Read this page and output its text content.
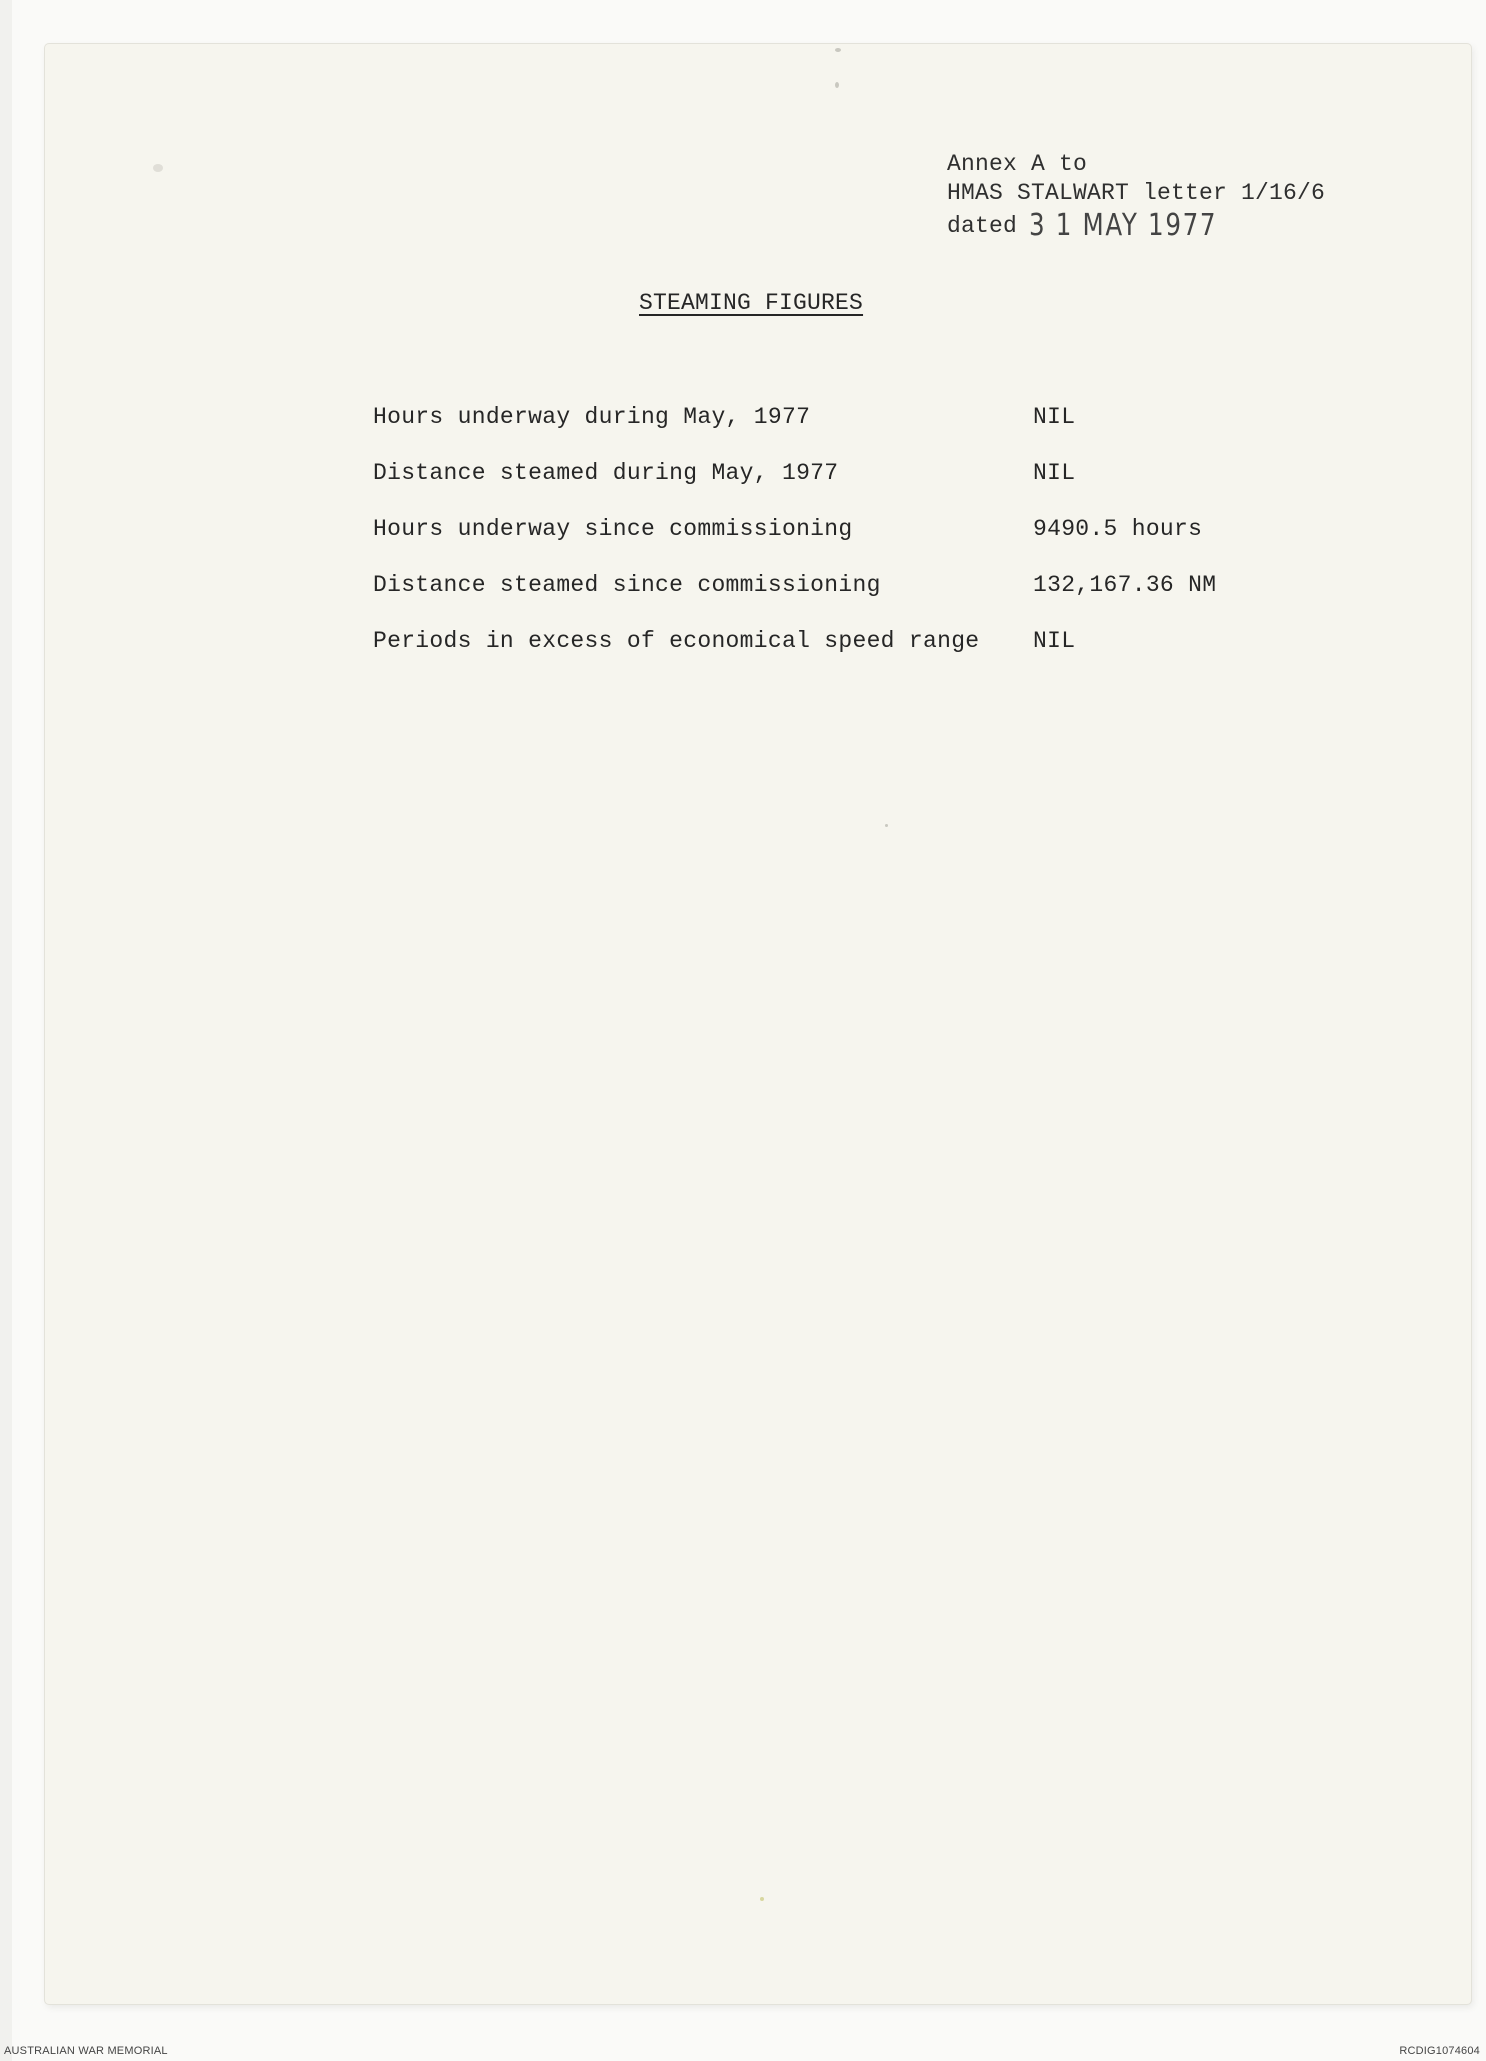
Annex A to
HMAS STALWART letter 1/16/6
dated 3 1 MAY 1977
STEAMING FIGURES
Hours underway during May, 1977	NIL
Distance steamed during May, 1977	NIL
Hours underway since commissioning	9490.5 hours
Distance steamed since commissioning	132,167.36 NM
Periods in excess of economical speed range NIL
AUSTRALIAN WAR MEMORIAL	RCDIG1074604
